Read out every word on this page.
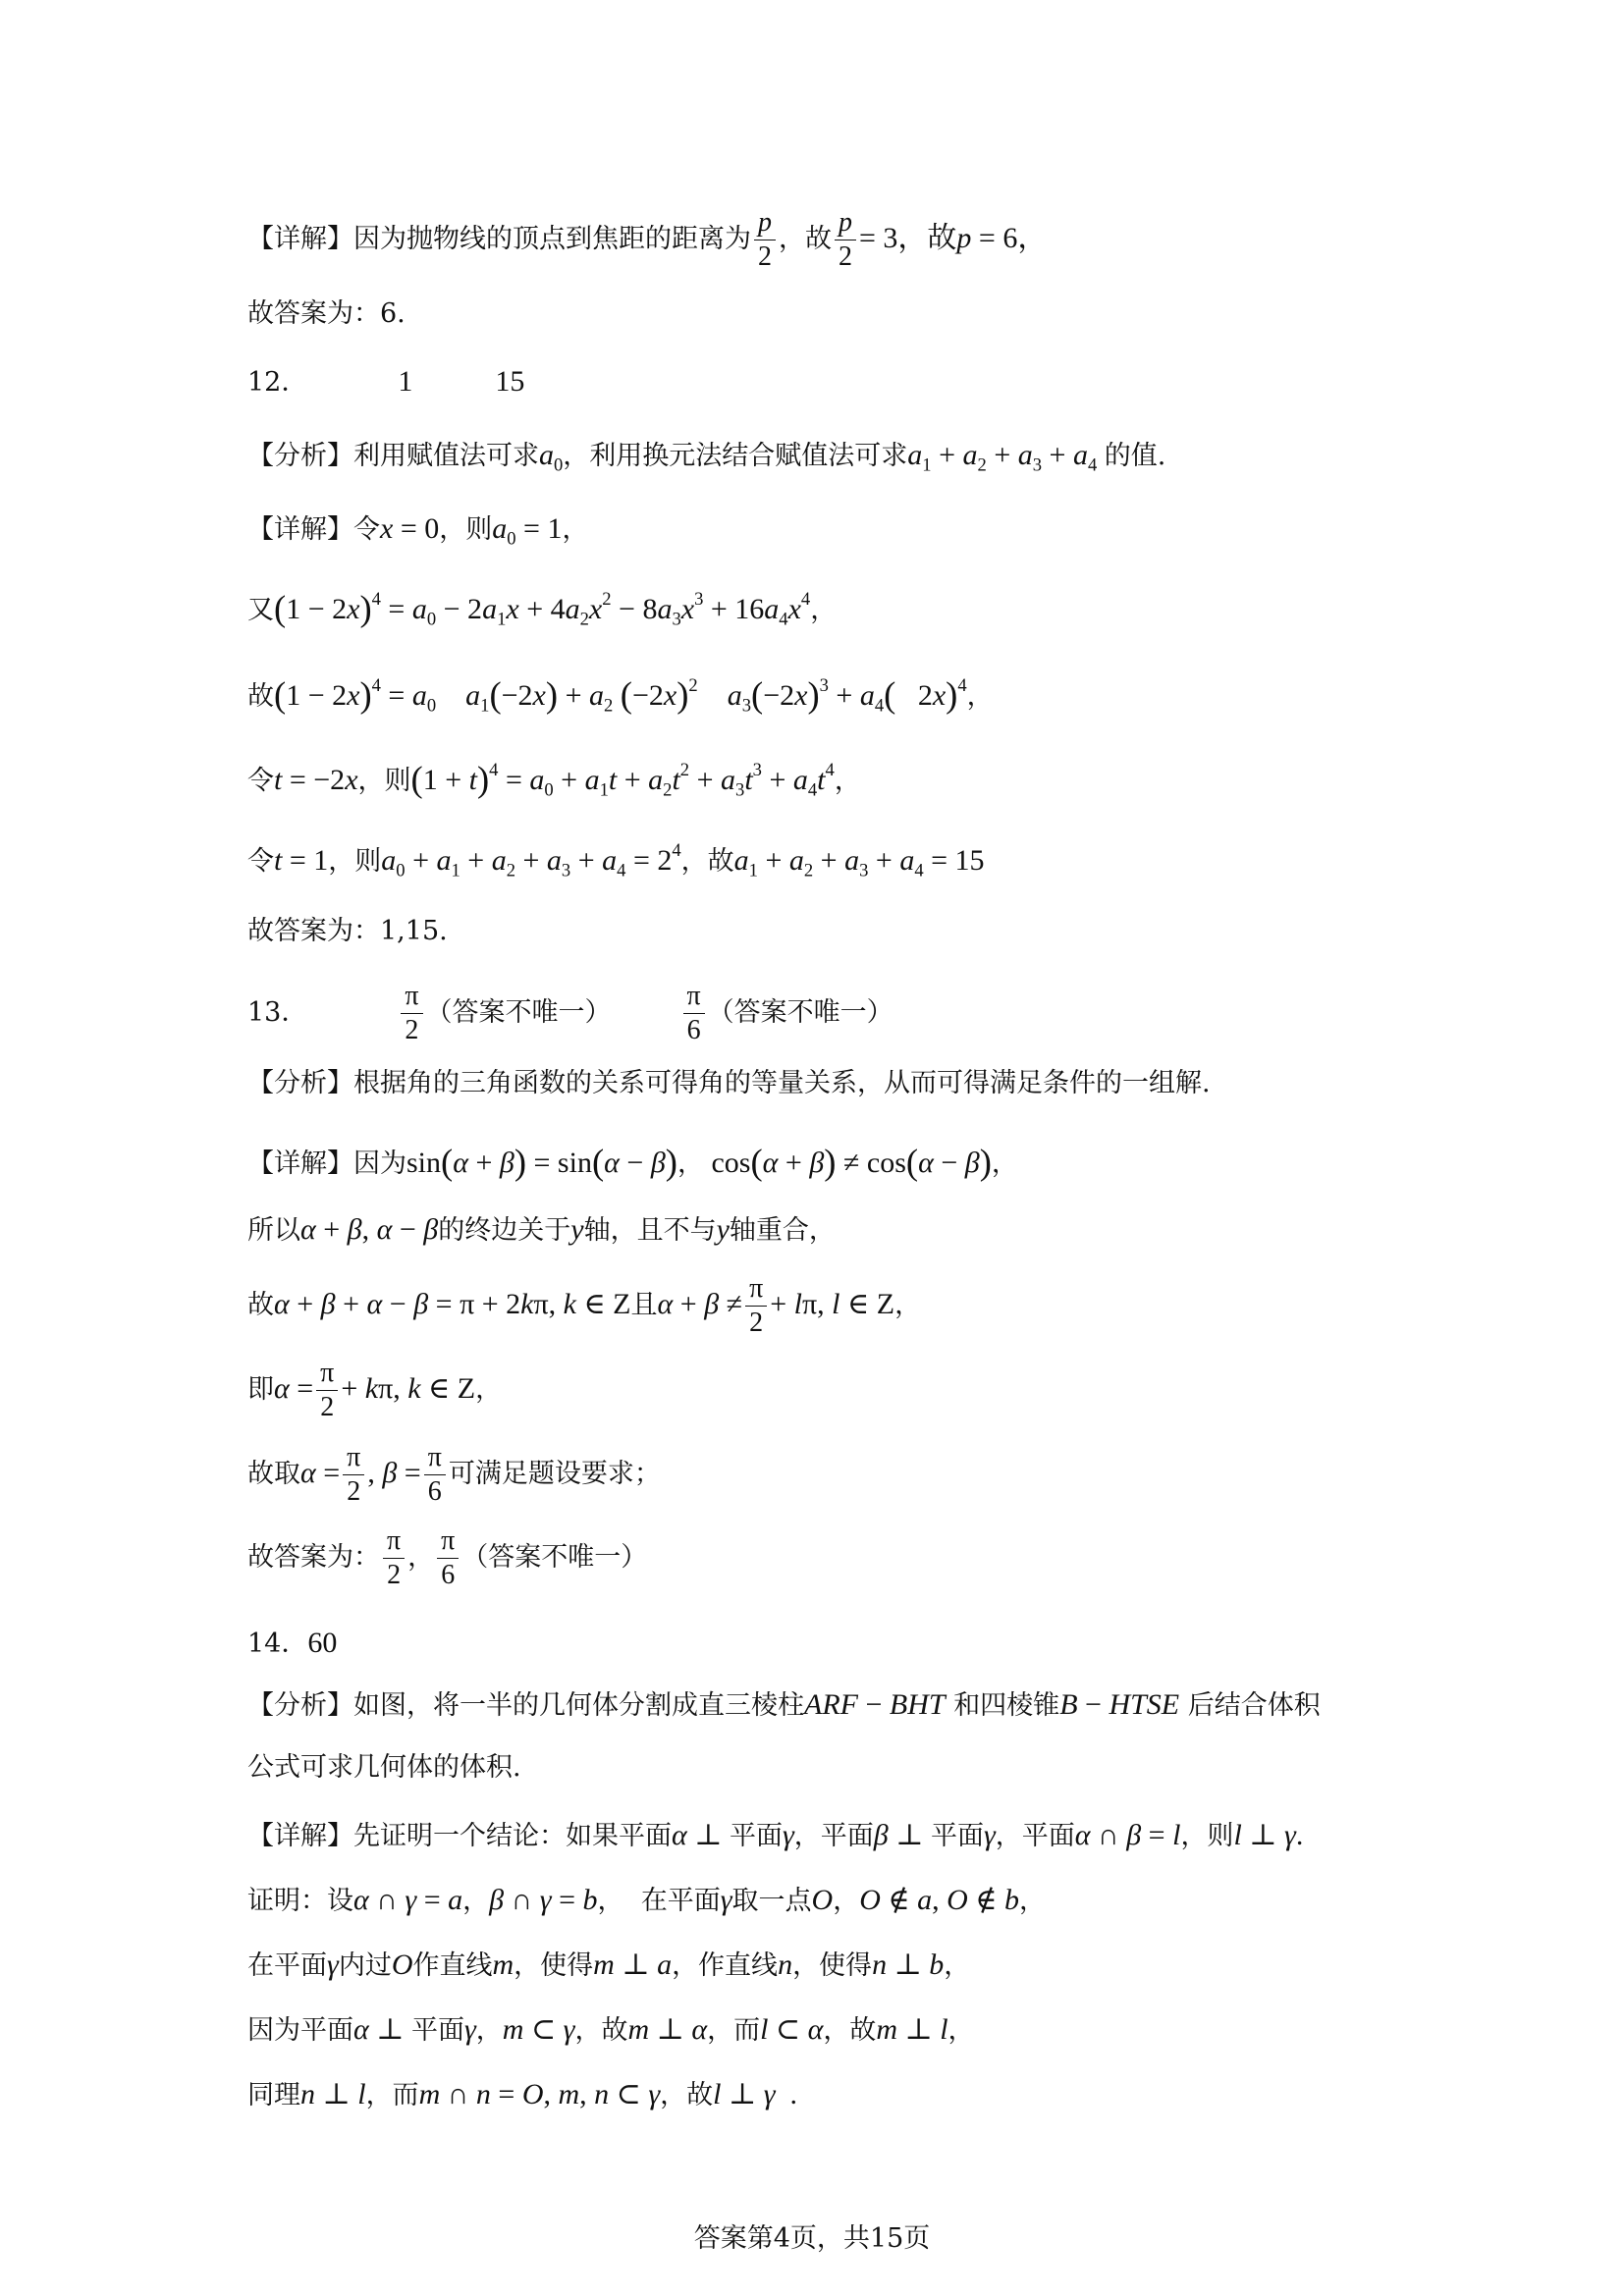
【详解】因为抛物线的顶点到焦距的距离为 $\frac{p}{2}$ ，故 $\frac{p}{2} = 3$，故p = 6，
故答案为：6.
12．	1	15
【分析】利用赋值法可求$a_0$，利用换元法结合赋值法可求$a_1 + a_2 + a_3 + a_4$ 的值.
【详解】令x = 0，则$a_0 = 1$，
又$(1 - 2x)^4 = a_0 - 2a_1x + 4a_2x^2 - 8a_3x^3 + 16a_4x^4$，
故$(1 - 2x)^4 = a_0$ $a_1(-2x) + a_2$ $(-2x)^2$ $a_3(-2x)^3 + a_4$(   2x)$^4$，
令t = −2x，则$(1 + t)^4 = a_0 + a_1t + a_2t^2 + a_3t^3 + a_4t^4$，
令t = 1，则$a_0 + a_1 + a_2 + a_3 + a_4 = 2^4$，故$a_1 + a_2 + a_3 + a_4 = 15$
故答案为：1,15.
13．	$\frac{\pi}{2}$ （答案不唯一）	$\frac{\pi}{6}$ （答案不唯一）
【分析】根据角的三角函数的关系可得角的等量关系，从而可得满足条件的一组解.
【详解】因为sin(α + β) = sin(α − β)， cos(α + β) ≠ cos(α − β)，
所以α + β, α − β的终边关于y轴，且不与y轴重合，
故α + β + α − β = π + 2kπ, k ∈ Z且$\alpha + \beta \ne \frac{\pi}{2} + l\pi$, l ∈ Z，
即$\alpha = \frac{\pi}{2} + k\pi$, k ∈ Z，
故取$\alpha = \frac{\pi}{2}$ , $\beta = \frac{\pi}{6}$ 可满足题设要求；
故答案为： $\frac{\pi}{2}$ ， $\frac{\pi}{6}$ （答案不唯一）
14．60
【分析】如图，将一半的几何体分割成直三棱柱ARF − BHT 和四棱锥B − HTSE 后结合体积
公式可求几何体的体积.
【详解】先证明一个结论：如果平面α ⊥ 平面γ，平面β ⊥ 平面γ，平面α ∩ β = l，则l ⊥ γ.
证明：设α ∩ γ = a，β ∩ γ = b，  在平面γ取一点O，O ∉ a, O ∉ b，
在平面γ内过O作直线m，使得m ⊥ a，作直线n，使得n ⊥ b，
因为平面α ⊥ 平面γ，m ⊂ γ，故m ⊥ α，而l ⊂ α，故m ⊥ l，
同理n ⊥ l，而m ∩ n = O, m, n ⊂ γ，故l ⊥ γ  .
答案第4页，共15页
